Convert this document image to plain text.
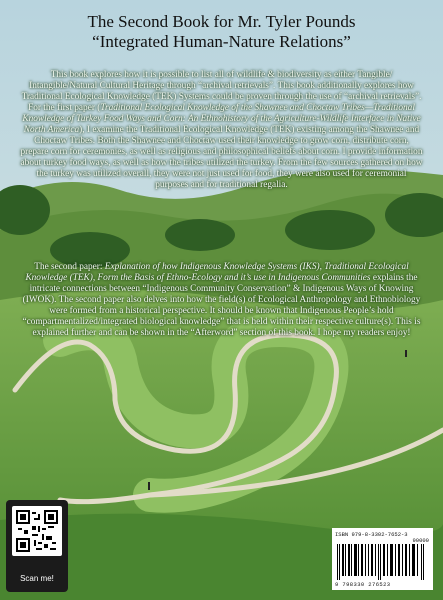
The Second Book for Mr. Tyler Pounds
“Integrated Human-Nature Relations”
This book explores how it is possible to list all of wildlife & biodiversity as either Tangible/ Intangible/Natural Cultural Heritage through “archival retrievals”. This book additionally explores how Traditional Ecological Knowledge (TEK) Systems could be proven through the use of “archival retrievals”. For the first paper (Traditional Ecological Knowledge of the Shawnee and Choctaw Tribes—Traditional Knowledge of Turkey Food Ways and Corn: An Ethnohistory of the Agriculture-Wildlife Interface in Native North America), I examine the Traditional Ecological Knowledge (TEK) existing among the Shawnee and Choctaw Tribes. Both the Shawnee and Choctaw used their knowledge to grow corn, distribute corn, prepare corn for ceremonies, as well as religious and philosophical beliefs about corn. I provide information about turkey food ways, as well as how the tribes utilized the turkey. From the few sources gathered on how the turkey was utilized overall, they were not just used for food, they were also used for ceremonial purposes and for traditional regalia.
The second paper: Explanation of how Indigenous Knowledge Systems (IKS), Traditional Ecological Knowledge (TEK), Form the Basis of Ethno-Ecology and it’s use in Indigenous Communities explains the intricate connections between “Indigenous Community Conservation” & Indigenous Ways of Knowing (IWOK). The second paper also delves into how the field(s) of Ecological Anthropology and Ethnobiology were formed from a historical perspective. It should be known that Indigenous People’s hold “compartmentalized/integrated biological knowledge” that is held within their respective culture(s). This is explained further and can be shown in the “Afterword” section of this book. I hope my readers enjoy!
Scan me!
ISBN 979-8-3302-7652-3
90000
9 798330 276523
